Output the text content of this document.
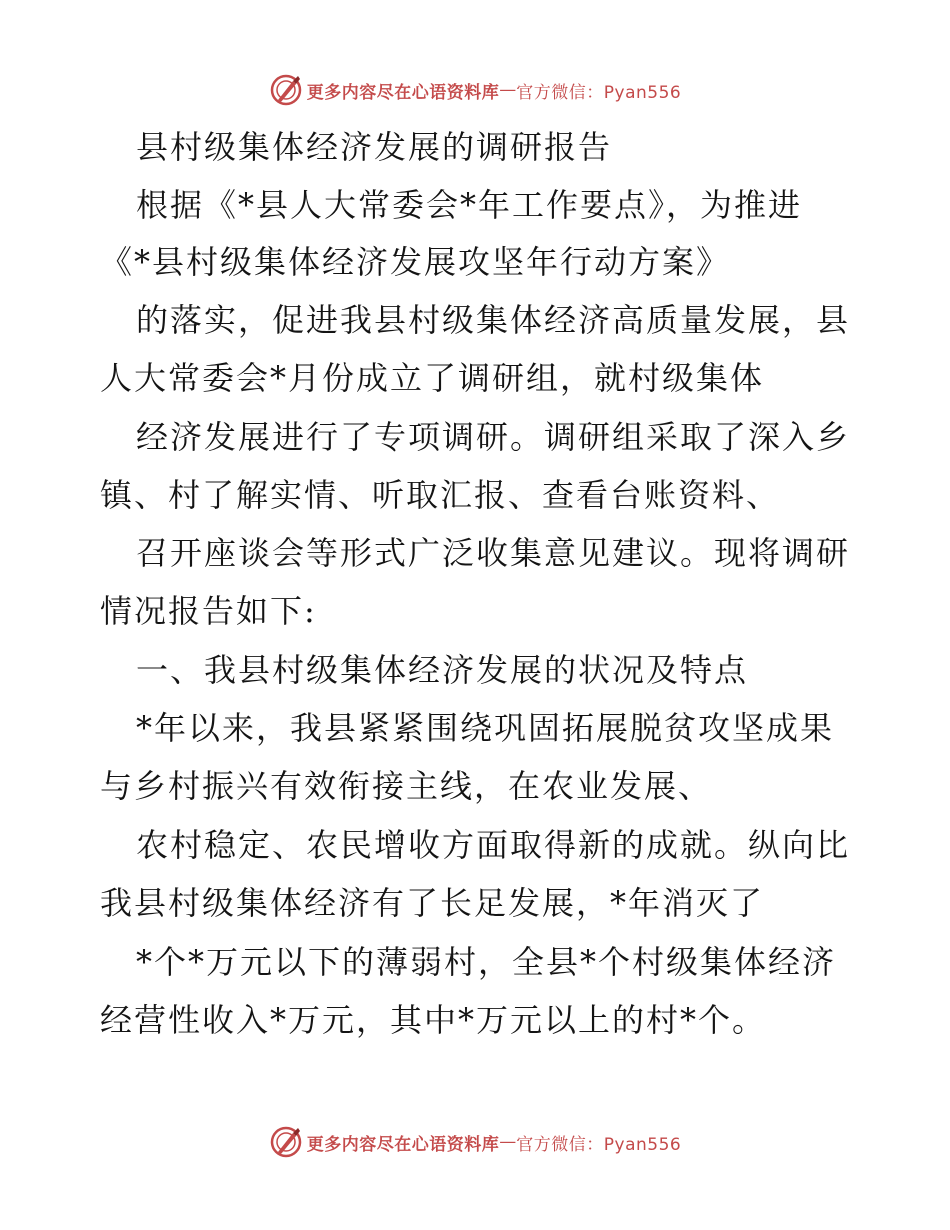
更多内容尽在心语资料库 — 官方微信：Pyan556
县村级集体经济发展的调研报告
根据《*县人大常委会*年工作要点》，为推进
《*县村级集体经济发展攻坚年行动方案》
的落实，促进我县村级集体经济高质量发展，县
人大常委会*月份成立了调研组，就村级集体
经济发展进行了专项调研。调研组采取了深入乡
镇、村了解实情、听取汇报、查看台账资料、
召开座谈会等形式广泛收集意见建议。现将调研
情况报告如下:
一、我县村级集体经济发展的状况及特点
*年以来，我县紧紧围绕巩固拓展脱贫攻坚成果
与乡村振兴有效衔接主线，在农业发展、
农村稳定、农民增收方面取得新的成就。纵向比
我县村级集体经济有了长足发展，*年消灭了
*个*万元以下的薄弱村，全县*个村级集体经济
经营性收入*万元，其中*万元以上的村*个。
更多内容尽在心语资料库 — 官方微信：Pyan556
